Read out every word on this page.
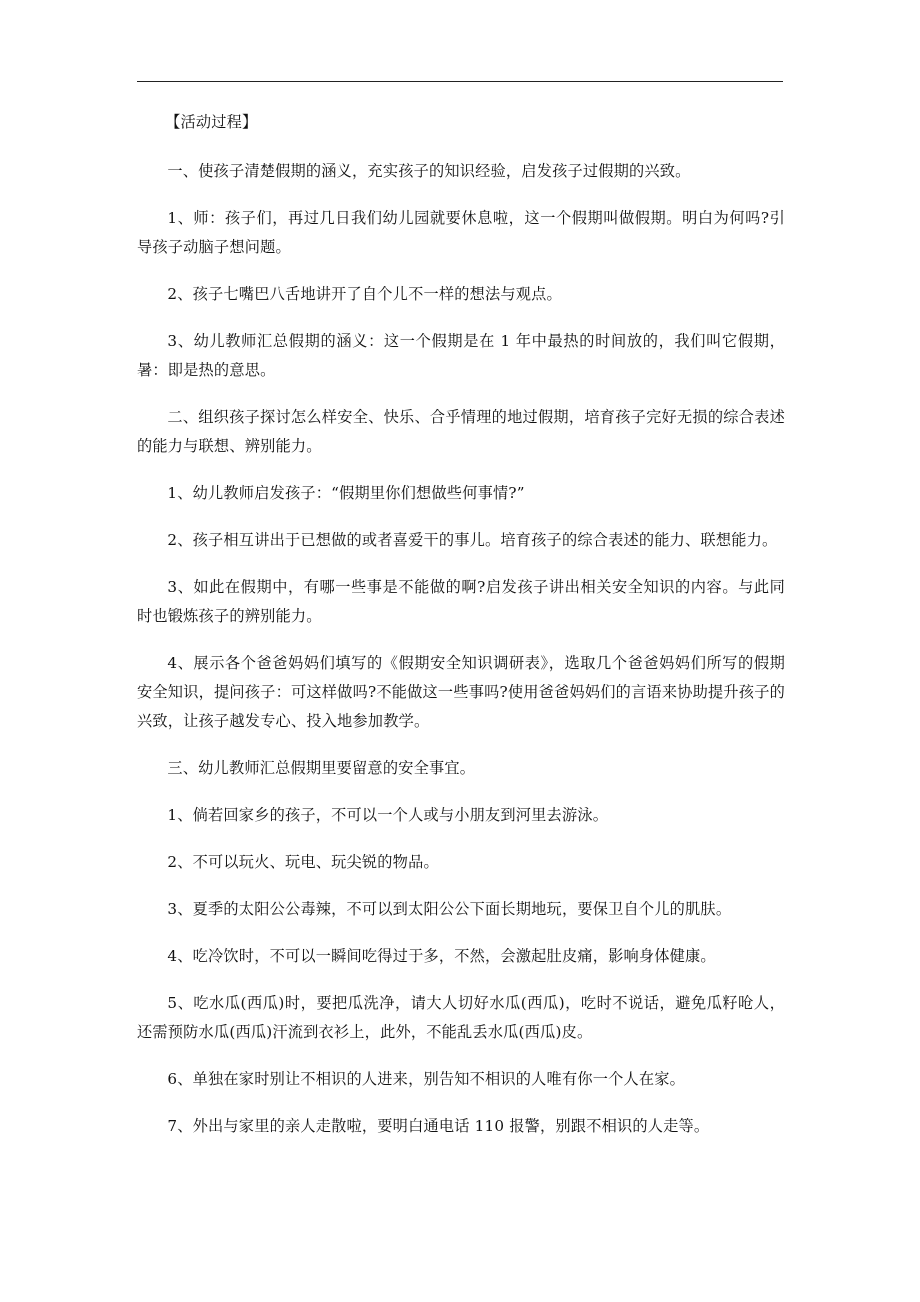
【活动过程】

一、使孩子清楚假期的涵义，充实孩子的知识经验，启发孩子过假期的兴致。

1、师：孩子们，再过几日我们幼儿园就要休息啦，这一个假期叫做假期。明白为何吗?引导孩子动脑子想问题。

2、孩子七嘴巴八舌地讲开了自个儿不一样的想法与观点。

3、幼儿教师汇总假期的涵义：这一个假期是在 1 年中最热的时间放的，我们叫它假期，暑：即是热的意思。

二、组织孩子探讨怎么样安全、快乐、合乎情理的地过假期，培育孩子完好无损的综合表述的能力与联想、辨别能力。

1、幼儿教师启发孩子：“假期里你们想做些何事情?”

2、孩子相互讲出于已想做的或者喜爱干的事儿。培育孩子的综合表述的能力、联想能力。

3、如此在假期中，有哪一些事是不能做的啊?启发孩子讲出相关安全知识的内容。与此同时也锻炼孩子的辨别能力。

4、展示各个爸爸妈妈们填写的《假期安全知识调研表》，选取几个爸爸妈妈们所写的假期安全知识，提问孩子：可这样做吗?不能做这一些事吗?使用爸爸妈妈们的言语来协助提升孩子的兴致，让孩子越发专心、投入地参加教学。

三、幼儿教师汇总假期里要留意的安全事宜。

1、倘若回家乡的孩子，不可以一个人或与小朋友到河里去游泳。

2、不可以玩火、玩电、玩尖锐的物品。

3、夏季的太阳公公毒辣，不可以到太阳公公下面长期地玩，要保卫自个儿的肌肤。

4、吃冷饮时，不可以一瞬间吃得过于多，不然，会激起肚皮痛，影响身体健康。

5、吃水瓜(西瓜)时，要把瓜洗净，请大人切好水瓜(西瓜)，吃时不说话，避免瓜籽呛人，还需预防水瓜(西瓜)汗流到衣衫上，此外，不能乱丢水瓜(西瓜)皮。

6、单独在家时别让不相识的人进来，别告知不相识的人唯有你一个人在家。

7、外出与家里的亲人走散啦，要明白通电话 110 报警，别跟不相识的人走等。
